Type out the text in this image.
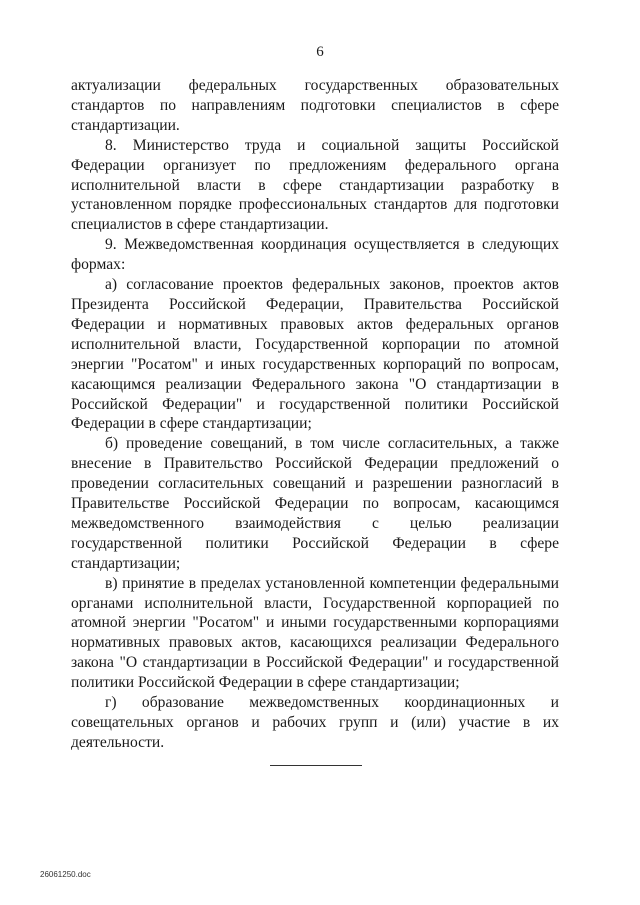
6

актуализации федеральных государственных образовательных стандартов по направлениям подготовки специалистов в сфере стандартизации.

8. Министерство труда и социальной защиты Российской Федерации организует по предложениям федерального органа исполнительной власти в сфере стандартизации разработку в установленном порядке профессиональных стандартов для подготовки специалистов в сфере стандартизации.

9. Межведомственная координация осуществляется в следующих формах:

а) согласование проектов федеральных законов, проектов актов Президента Российской Федерации, Правительства Российской Федерации и нормативных правовых актов федеральных органов исполнительной власти, Государственной корпорации по атомной энергии "Росатом" и иных государственных корпораций по вопросам, касающимся реализации Федерального закона "О стандартизации в Российской Федерации" и государственной политики Российской Федерации в сфере стандартизации;

б) проведение совещаний, в том числе согласительных, а также внесение в Правительство Российской Федерации предложений о проведении согласительных совещаний и разрешении разногласий в Правительстве Российской Федерации по вопросам, касающимся межведомственного взаимодействия с целью реализации государственной политики Российской Федерации в сфере стандартизации;

в) принятие в пределах установленной компетенции федеральными органами исполнительной власти, Государственной корпорацией по атомной энергии "Росатом" и иными государственными корпорациями нормативных правовых актов, касающихся реализации Федерального закона "О стандартизации в Российской Федерации" и государственной политики Российской Федерации в сфере стандартизации;

г) образование межведомственных координационных и совещательных органов и рабочих групп и (или) участие в их

деятельности.

26061250.doc
